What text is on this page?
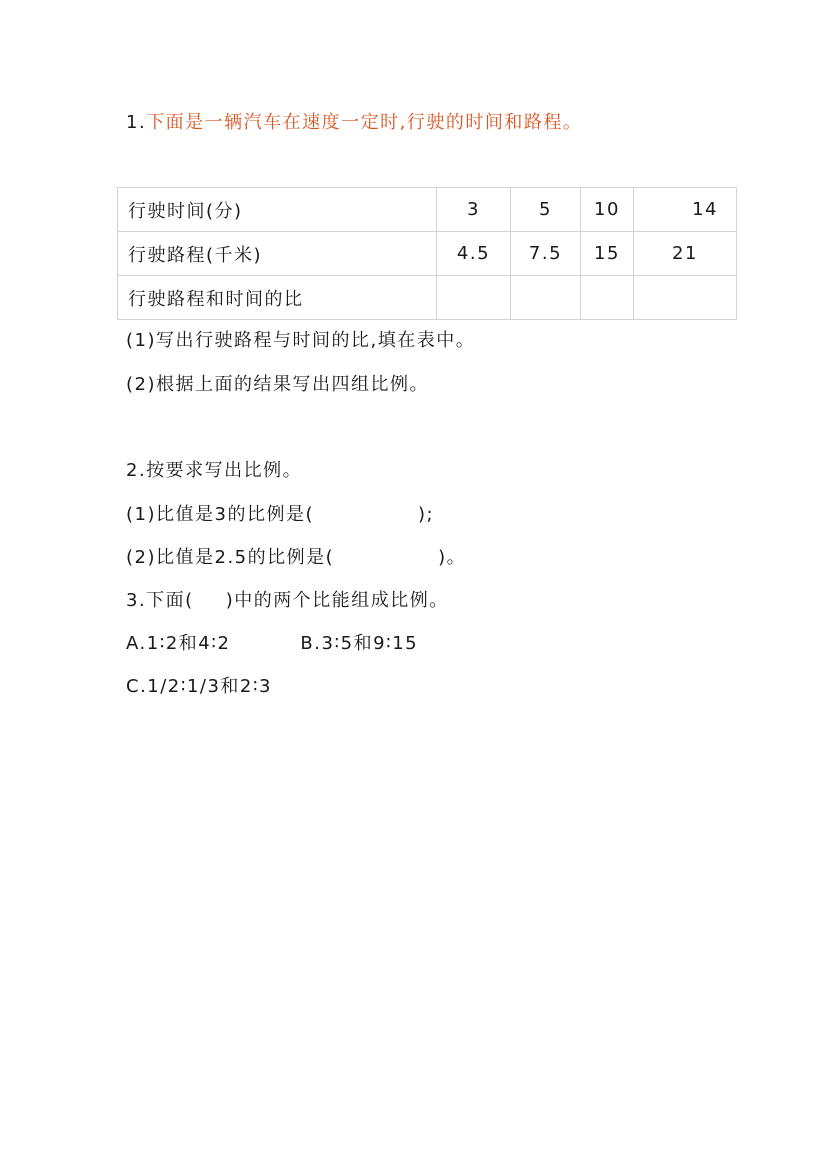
1.下面是一辆汽车在速度一定时,行驶的时间和路程。
行驶时间(分)	3	5	10	14
行驶路程(千米)	4.5	7.5	15	21
行驶路程和时间的比				
(1)写出行驶路程与时间的比,填在表中。
(2)根据上面的结果写出四组比例。
2.按要求写出比例。
(1)比值是3的比例是(	);
(2)比值是2.5的比例是(	)。
3.下面( )中的两个比能组成比例。
A.1∶2和4∶2	B.3∶5和9∶15
C.1/2∶1/3和2∶3
